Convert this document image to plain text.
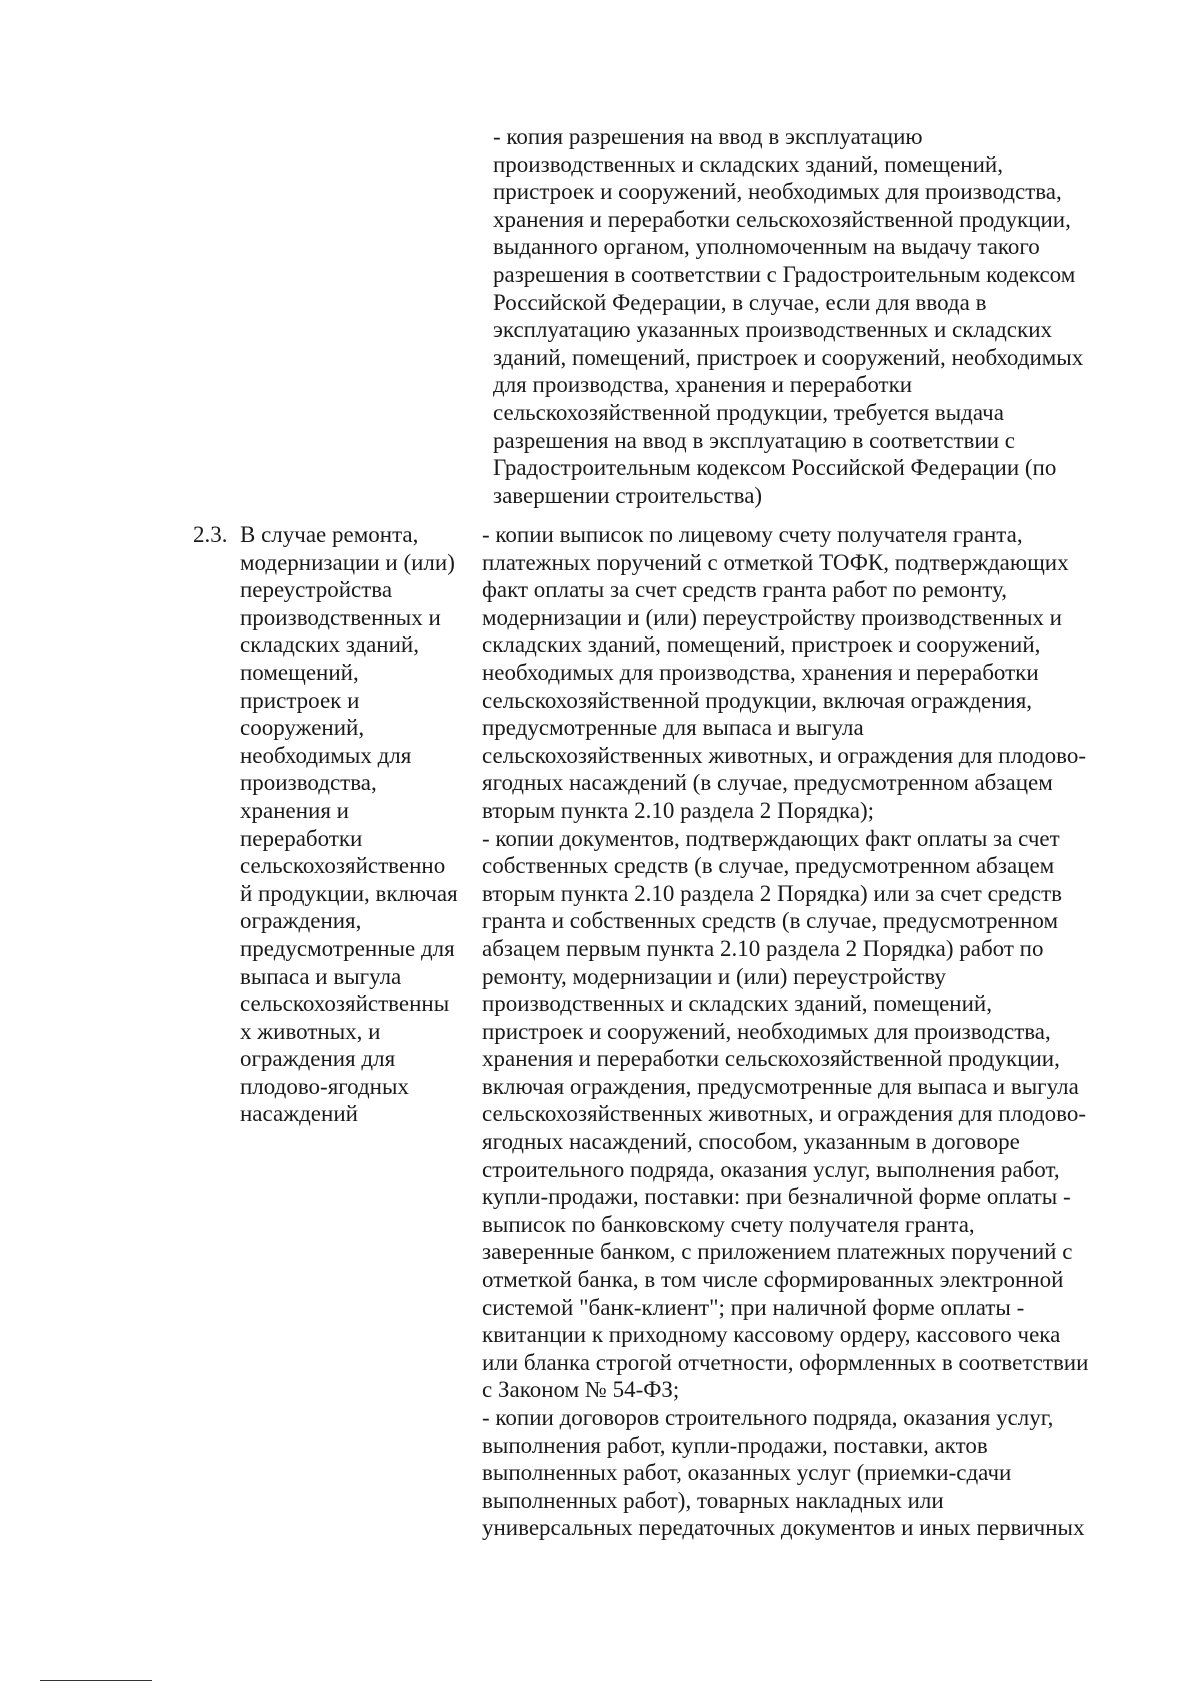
- копия разрешения на ввод в эксплуатацию
производственных и складских зданий, помещений,
пристроек и сооружений, необходимых для производства,
хранения и переработки сельскохозяйственной продукции,
выданного органом, уполномоченным на выдачу такого
разрешения в соответствии с Градостроительным кодексом
Российской Федерации, в случае, если для ввода в
эксплуатацию указанных производственных и складских
зданий, помещений, пристроек и сооружений, необходимых
для производства, хранения и переработки
сельскохозяйственной продукции, требуется выдача
разрешения на ввод в эксплуатацию в соответствии с
Градостроительным кодексом Российской Федерации (по
завершении строительства)
2.3. В случае ремонта,
модернизации и (или)
переустройства
производственных и
складских зданий,
помещений,
пристроек и
сооружений,
необходимых для
производства,
хранения и
переработки
сельскохозяйственно
й продукции, включая
ограждения,
предусмотренные для
выпаса и выгула
сельскохозяйственны
х животных, и
ограждения для
плодово-ягодных
насаждений
- копии выписок по лицевому счету получателя гранта,
платежных поручений с отметкой ТОФК, подтверждающих
факт оплаты за счет средств гранта работ по ремонту,
модернизации и (или) переустройству производственных и
складских зданий, помещений, пристроек и сооружений,
необходимых для производства, хранения и переработки
сельскохозяйственной продукции, включая ограждения,
предусмотренные для выпаса и выгула
сельскохозяйственных животных, и ограждения для плодово-
ягодных насаждений (в случае, предусмотренном абзацем
вторым пункта 2.10 раздела 2 Порядка);
- копии документов, подтверждающих факт оплаты за счет
собственных средств (в случае, предусмотренном абзацем
вторым пункта 2.10 раздела 2 Порядка) или за счет средств
гранта и собственных средств (в случае, предусмотренном
абзацем первым пункта 2.10 раздела 2 Порядка) работ по
ремонту, модернизации и (или) переустройству
производственных и складских зданий, помещений,
пристроек и сооружений, необходимых для производства,
хранения и переработки сельскохозяйственной продукции,
включая ограждения, предусмотренные для выпаса и выгула
сельскохозяйственных животных, и ограждения для плодово-
ягодных насаждений, способом, указанным в договоре
строительного подряда, оказания услуг, выполнения работ,
купли-продажи, поставки: при безналичной форме оплаты -
выписок по банковскому счету получателя гранта,
заверенные банком, с приложением платежных поручений с
отметкой банка, в том числе сформированных электронной
системой "банк-клиент"; при наличной форме оплаты -
квитанции к приходному кассовому ордеру, кассового чека
или бланка строгой отчетности, оформленных в соответствии
с Законом № 54-ФЗ;
- копии договоров строительного подряда, оказания услуг,
выполнения работ, купли-продажи, поставки, актов
выполненных работ, оказанных услуг (приемки-сдачи
выполненных работ), товарных накладных или
универсальных передаточных документов и иных первичных
